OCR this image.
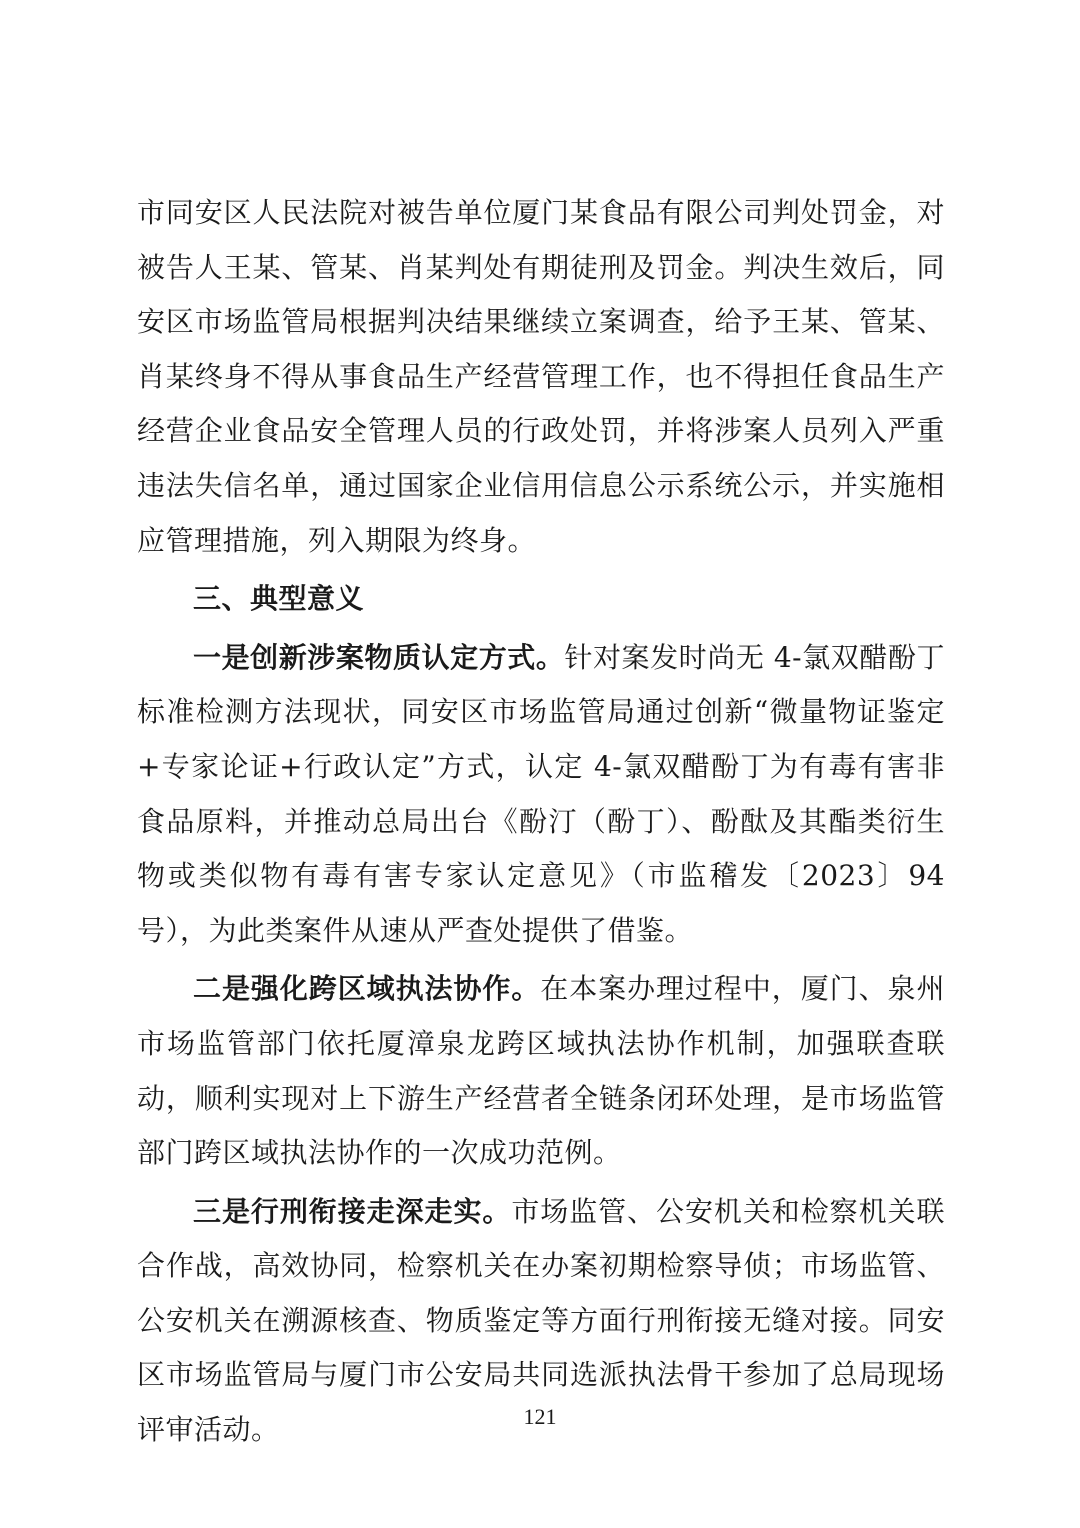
市同安区人民法院对被告单位厦门某食品有限公司判处罚金，对被告人王某、管某、肖某判处有期徒刑及罚金。判决生效后，同安区市场监管局根据判决结果继续立案调查，给予王某、管某、肖某终身不得从事食品生产经营管理工作，也不得担任食品生产经营企业食品安全管理人员的行政处罚，并将涉案人员列入严重违法失信名单，通过国家企业信用信息公示系统公示，并实施相应管理措施，列入期限为终身。

三、典型意义

一是创新涉案物质认定方式。针对案发时尚无 4-氯双醋酚丁标准检测方法现状，同安区市场监管局通过创新“微量物证鉴定+专家论证+行政认定”方式，认定 4-氯双醋酚丁为有毒有害非食品原料，并推动总局出台《酚汀（酚丁）、酚酞及其酯类衍生物或类似物有毒有害专家认定意见》（市监稽发〔2023〕94 号），为此类案件从速从严查处提供了借鉴。

二是强化跨区域执法协作。在本案办理过程中，厦门、泉州市场监管部门依托厦漳泉龙跨区域执法协作机制，加强联查联动，顺利实现对上下游生产经营者全链条闭环处理，是市场监管部门跨区域执法协作的一次成功范例。

三是行刑衔接走深走实。市场监管、公安机关和检察机关联合作战，高效协同，检察机关在办案初期检察导侦；市场监管、公安机关在溯源核查、物质鉴定等方面行刑衔接无缝对接。同安区市场监管局与厦门市公安局共同选派执法骨干参加了总局现场评审活动。	121
